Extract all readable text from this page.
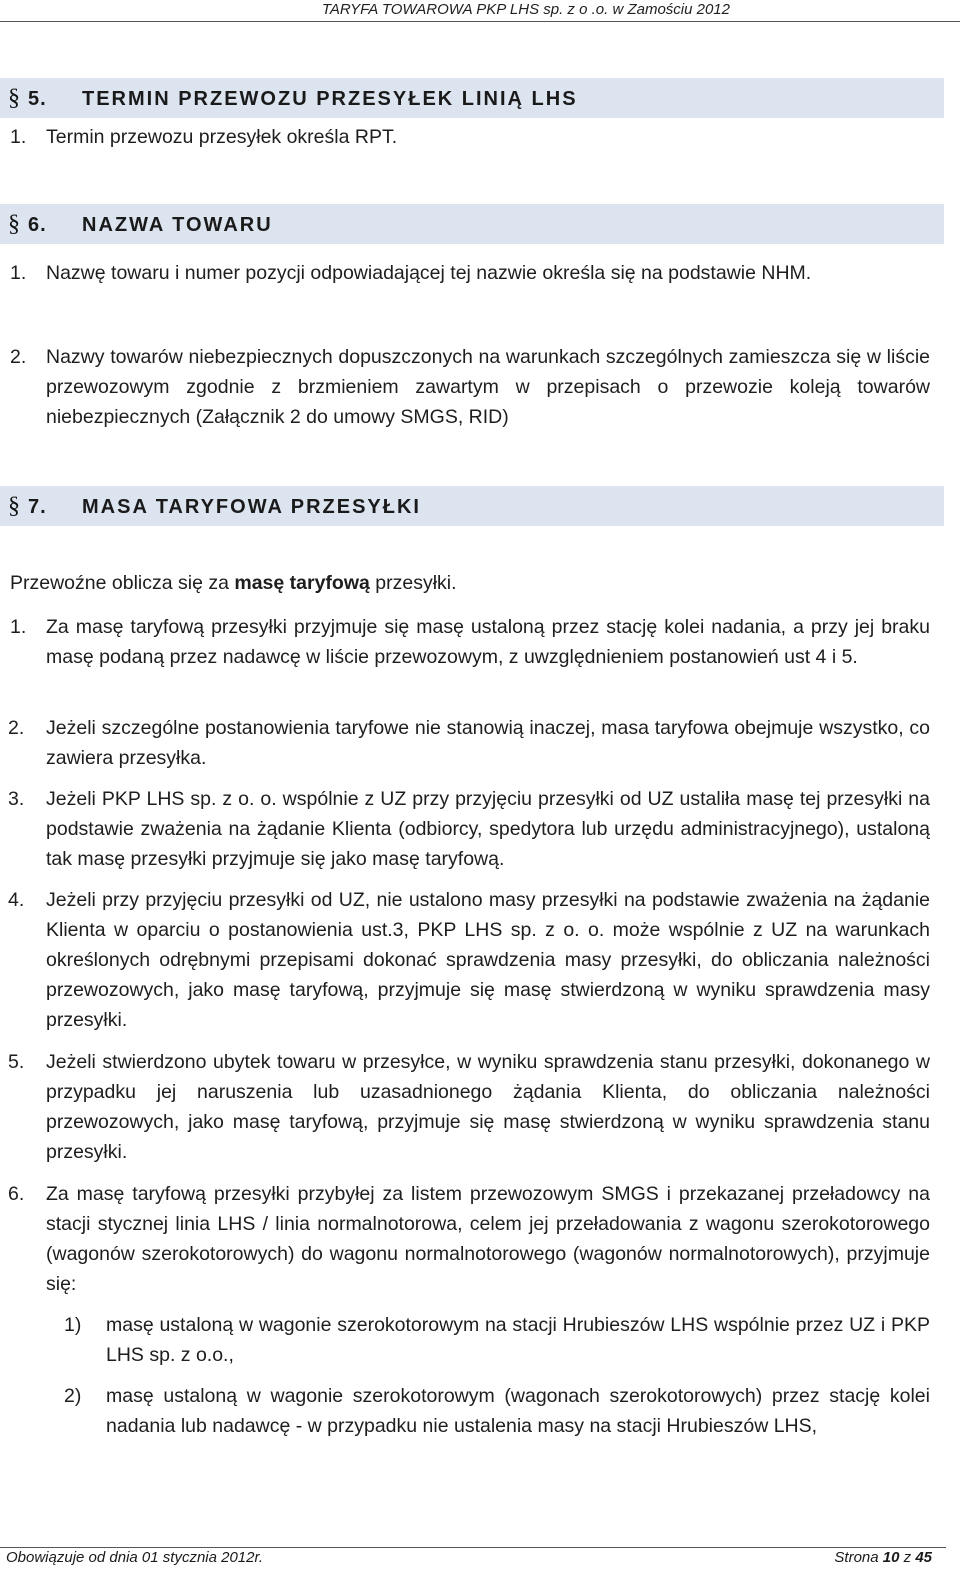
TARYFA TOWAROWA PKP LHS sp. z o .o. w Zamościu 2012
§ 5. TERMIN PRZEWOZU PRZESYŁEK LINIĄ LHS
1. Termin przewozu przesyłek określa RPT.
§ 6. NAZWA TOWARU
1. Nazwę towaru i numer pozycji odpowiadającej tej nazwie określa się na podstawie NHM.
2. Nazwy towarów niebezpiecznych dopuszczonych na warunkach szczególnych zamieszcza się w liście przewozowym zgodnie z brzmieniem zawartym w przepisach o przewozie koleją towarów niebezpiecznych (Załącznik 2 do umowy SMGS, RID)
§ 7. MASA TARYFOWA PRZESYŁKI
Przewoźne oblicza się za masę taryfową przesyłki.
1. Za masę taryfową przesyłki przyjmuje się masę ustaloną przez stację kolei nadania, a przy jej braku masę podaną przez nadawcę w liście przewozowym, z uwzględnieniem postanowień ust 4 i 5.
2. Jeżeli szczególne postanowienia taryfowe nie stanowią inaczej, masa taryfowa obejmuje wszystko, co zawiera przesyłka.
3. Jeżeli PKP LHS sp. z o. o. wspólnie z UZ przy przyjęciu przesyłki od UZ ustaliła masę tej przesyłki na podstawie zważenia na żądanie Klienta (odbiorcy, spedytora lub urzędu administracyjnego), ustaloną tak masę przesyłki przyjmuje się jako masę taryfową.
4. Jeżeli przy przyjęciu przesyłki od UZ, nie ustalono masy przesyłki na podstawie zważenia na żądanie Klienta w oparciu o postanowienia ust.3, PKP LHS sp. z o. o. może wspólnie z UZ na warunkach określonych odrębnymi przepisami dokonać sprawdzenia masy przesyłki, do obliczania należności przewozowych, jako masę taryfową, przyjmuje się masę stwierdzoną w wyniku sprawdzenia masy przesyłki.
5. Jeżeli stwierdzono ubytek towaru w przesyłce, w wyniku sprawdzenia stanu przesyłki, dokonanego w przypadku jej naruszenia lub uzasadnionego żądania Klienta, do obliczania należności przewozowych, jako masę taryfową, przyjmuje się masę stwierdzoną w wyniku sprawdzenia stanu przesyłki.
6. Za masę taryfową przesyłki przybyłej za listem przewozowym SMGS i przekazanej przeładowcy na stacji stycznej linia LHS / linia normalnotorowa, celem jej przeładowania z wagonu szerokotorowego (wagonów szerokotorowych) do wagonu normalnotorowego (wagonów normalnotorowych), przyjmuje się:
1) masę ustaloną w wagonie szerokotorowym na stacji Hrubieszów LHS wspólnie przez UZ i PKP LHS sp. z o.o.,
2) masę ustaloną w wagonie szerokotorowym (wagonach szerokotorowych) przez stację kolei nadania lub nadawcę - w przypadku nie ustalenia masy na stacji Hrubieszów LHS,
Obowiązuje od dnia 01 stycznia 2012r.	Strona 10 z 45
